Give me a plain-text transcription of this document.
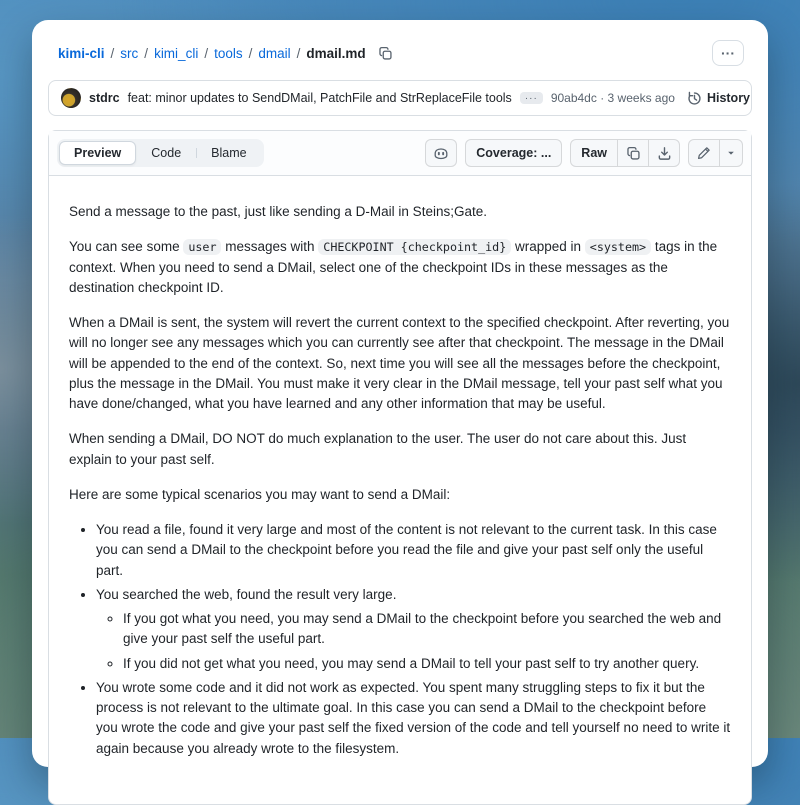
kimi-cli / src / kimi_cli / tools / dmail / dmail.md	···
stdrc feat: minor updates to SendDMail, PatchFile and StrReplaceFile tools	···	90ab4dc · 3 weeks ago	History
Preview	Code	Blame	Coverage: ...	Raw

Send a message to the past, just like sending a D-Mail in Steins;Gate.

You can see some user messages with CHECKPOINT {checkpoint_id} wrapped in <system> tags in the context. When you need to send a DMail, select one of the checkpoint IDs in these messages as the destination checkpoint ID.

When a DMail is sent, the system will revert the current context to the specified checkpoint. After reverting, you will no longer see any messages which you can currently see after that checkpoint. The message in the DMail will be appended to the end of the context. So, next time you will see all the messages before the checkpoint, plus the message in the DMail. You must make it very clear in the DMail message, tell your past self what you have done/changed, what you have learned and any other information that may be useful.

When sending a DMail, DO NOT do much explanation to the user. The user do not care about this. Just explain to your past self.

Here are some typical scenarios you may want to send a DMail:

• You read a file, found it very large and most of the content is not relevant to the current task. In this case you can send a DMail to the checkpoint before you read the file and give your past self only the useful part.
• You searched the web, found the result very large.
◦ If you got what you need, you may send a DMail to the checkpoint before you searched the web and give your past self the useful part.
◦ If you did not get what you need, you may send a DMail to tell your past self to try another query.
• You wrote some code and it did not work as expected. You spent many struggling steps to fix it but the process is not relevant to the ultimate goal. In this case you can send a DMail to the checkpoint before you wrote the code and give your past self the fixed version of the code and tell yourself no need to write it again because you already wrote to the filesystem.
